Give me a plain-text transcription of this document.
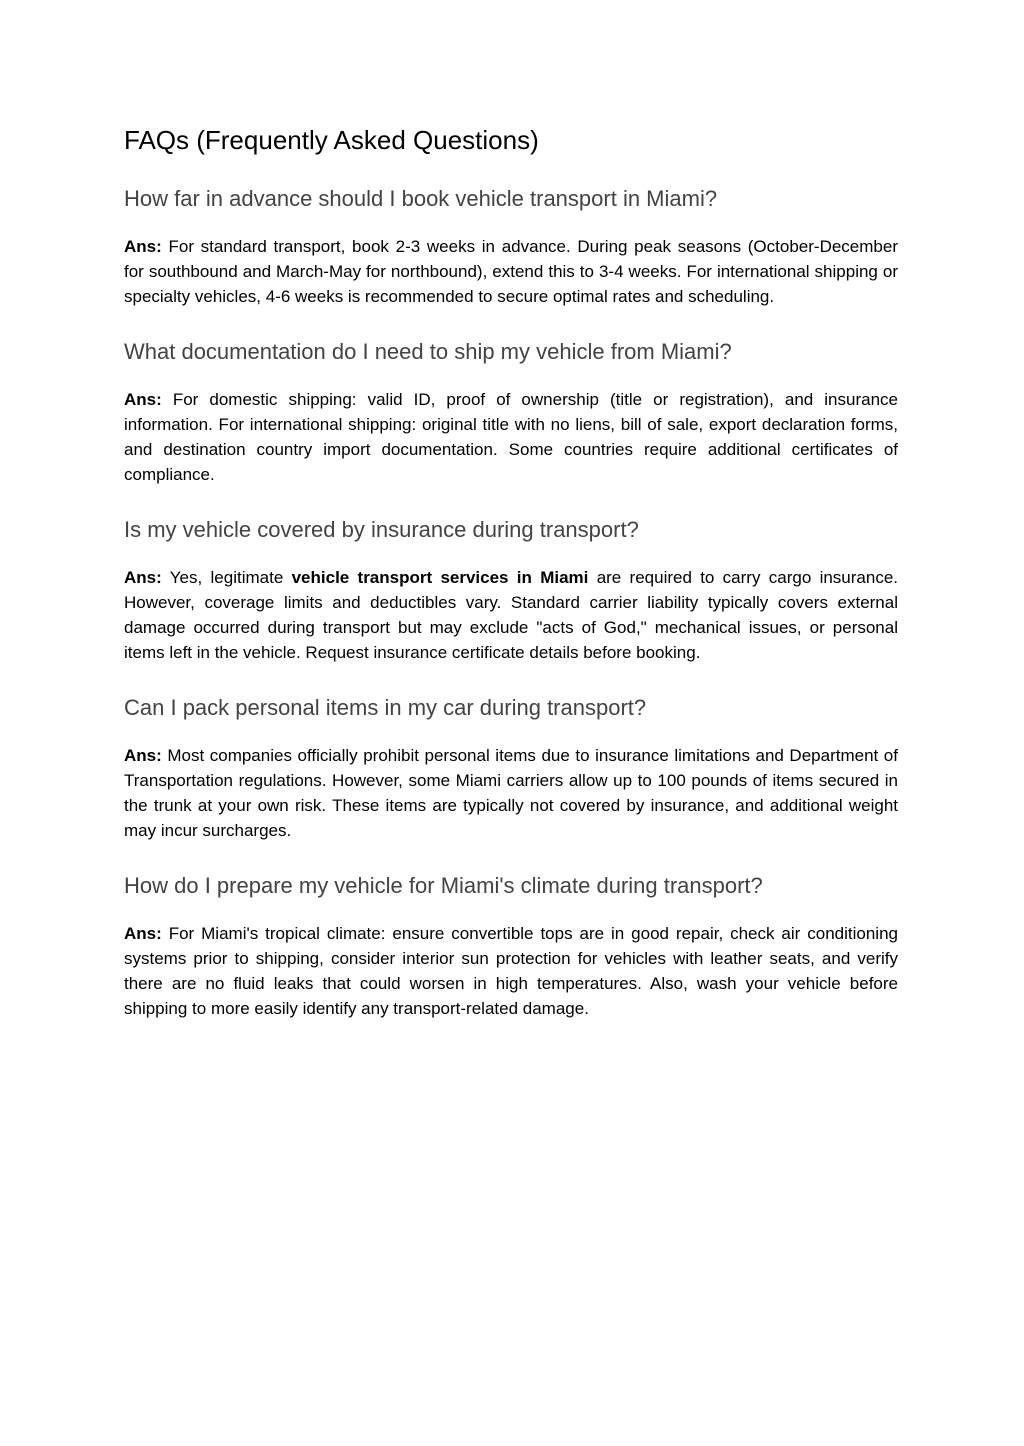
FAQs (Frequently Asked Questions)
How far in advance should I book vehicle transport in Miami?

Ans: For standard transport, book 2-3 weeks in advance. During peak seasons (October-December for southbound and March-May for northbound), extend this to 3-4 weeks. For international shipping or specialty vehicles, 4-6 weeks is recommended to secure optimal rates and scheduling.

What documentation do I need to ship my vehicle from Miami?

Ans: For domestic shipping: valid ID, proof of ownership (title or registration), and insurance information. For international shipping: original title with no liens, bill of sale, export declaration forms, and destination country import documentation. Some countries require additional certificates of compliance.

Is my vehicle covered by insurance during transport?

Ans: Yes, legitimate vehicle transport services in Miami are required to carry cargo insurance. However, coverage limits and deductibles vary. Standard carrier liability typically covers external damage occurred during transport but may exclude "acts of God," mechanical issues, or personal items left in the vehicle. Request insurance certificate details before booking.

Can I pack personal items in my car during transport?

Ans: Most companies officially prohibit personal items due to insurance limitations and Department of Transportation regulations. However, some Miami carriers allow up to 100 pounds of items secured in the trunk at your own risk. These items are typically not covered by insurance, and additional weight may incur surcharges.

How do I prepare my vehicle for Miami's climate during transport?

Ans: For Miami's tropical climate: ensure convertible tops are in good repair, check air conditioning systems prior to shipping, consider interior sun protection for vehicles with leather seats, and verify there are no fluid leaks that could worsen in high temperatures. Also, wash your vehicle before shipping to more easily identify any transport-related damage.
